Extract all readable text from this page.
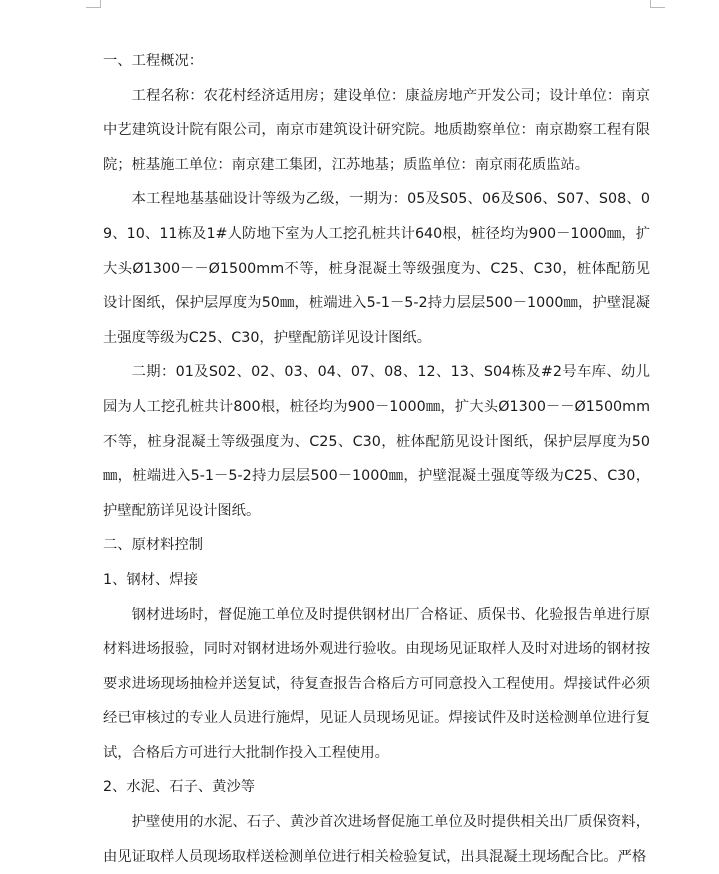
一、工程概况：

工程名称：农花村经济适用房；建设单位：康益房地产开发公司；设计单位：南京中艺建筑设计院有限公司，南京市建筑设计研究院。地质勘察单位：南京勘察工程有限院；桩基施工单位：南京建工集团，江苏地基；质监单位：南京雨花质监站。

本工程地基基础设计等级为乙级，一期为：05及S05、06及S06、S07、S08、09、10、11栋及1#人防地下室为人工挖孔桩共计640根，桩径均为900－1000㎜，扩大头Ø1300－－Ø1500mm不等，桩身混凝土等级强度为、C25、C30，桩体配筋见设计图纸，保护层厚度为50㎜，桩端进入5-1－5-2持力层层500－1000㎜，护壁混凝土强度等级为C25、C30，护壁配筋详见设计图纸。

二期：01及S02、02、03、04、07、08、12、13、S04栋及#2号车库、幼儿园为人工挖孔桩共计800根，桩径均为900－1000㎜，扩大头Ø1300－－Ø1500mm不等，桩身混凝土等级强度为、C25、C30，桩体配筋见设计图纸，保护层厚度为50㎜，桩端进入5-1－5-2持力层层500－1000㎜，护壁混凝土强度等级为C25、C30，护壁配筋详见设计图纸。

二、原材料控制

1、钢材、焊接

钢材进场时，督促施工单位及时提供钢材出厂合格证、质保书、化验报告单进行原材料进场报验，同时对钢材进场外观进行验收。由现场见证取样人及时对进场的钢材按要求进场现场抽检并送复试，待复查报告合格后方可同意投入工程使用。焊接试件必须经已审核过的专业人员进行施焊，见证人员现场见证。焊接试件及时送检测单位进行复试，合格后方可进行大批制作投入工程使用。

2、水泥、石子、黄沙等

护壁使用的水泥、石子、黄沙首次进场督促施工单位及时提供相关出厂质保资料，由见证取样人员现场取样送检测单位进行相关检验复试，出具混凝土现场配合比。严格
